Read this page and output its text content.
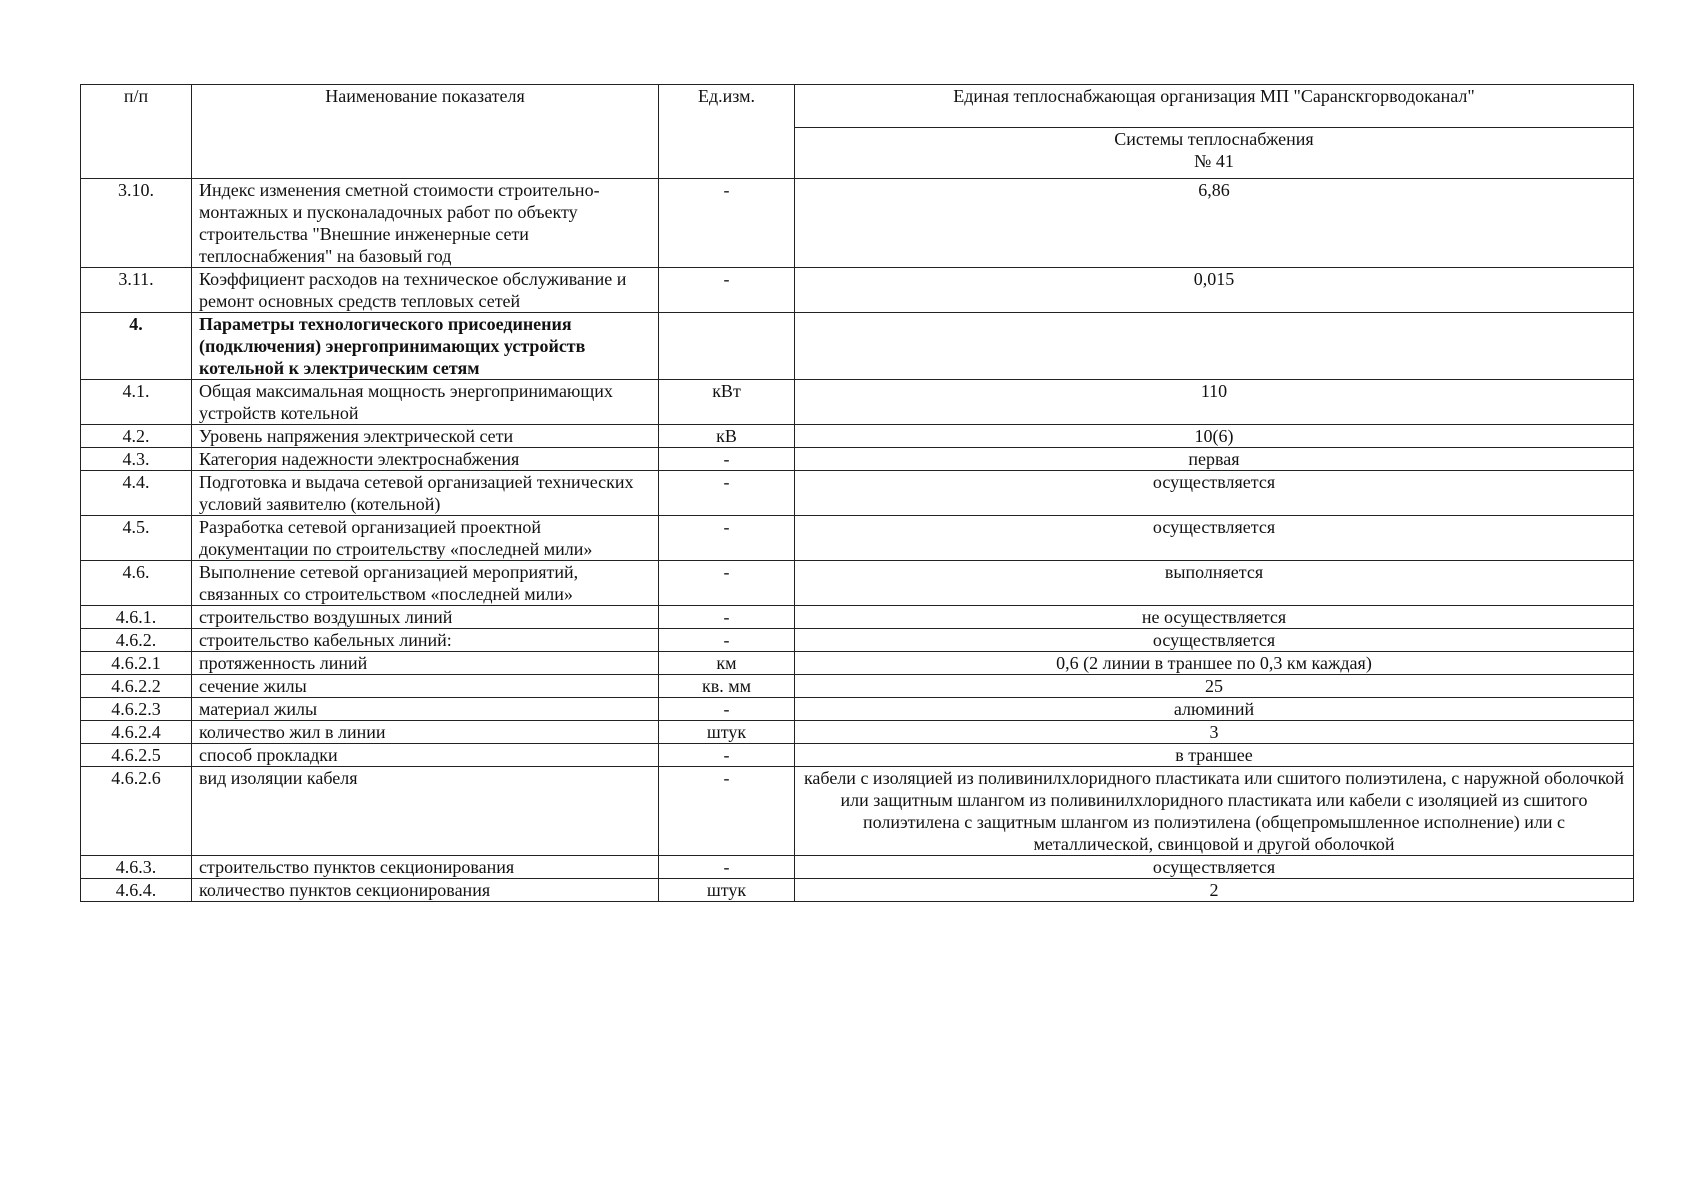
п/п	Наименование показателя	Ед.изм.	Единая теплоснабжающая организация МП "Саранскгорводоканал"

			Системы теплоснабжения
№ 41

3.10.	Индекс изменения сметной стоимости строительно-монтажных и пусконаладочных работ по объекту строительства "Внешние инженерные сети теплоснабжения" на базовый год	-	6,86
3.11.	Коэффициент расходов на техническое обслуживание и ремонт основных средств тепловых сетей	-	0,015
4.	Параметры технологического присоединения (подключения) энергопринимающих устройств котельной к электрическим сетям		
4.1.	Общая максимальная мощность энергопринимающих устройств котельной	кВт	110
4.2.	Уровень напряжения электрической сети	кВ	10(6)
4.3.	Категория надежности электроснабжения	-	первая
4.4.	Подготовка и выдача сетевой организацией технических условий заявителю (котельной)	-	осуществляется
4.5.	Разработка сетевой организацией проектной документации по строительству «последней мили»	-	осуществляется
4.6.	Выполнение сетевой организацией мероприятий, связанных со строительством «последней мили»	-	выполняется
4.6.1.	строительство воздушных линий	-	не осуществляется
4.6.2.	строительство кабельных линий:	-	осуществляется
4.6.2.1	протяженность линий	км	0,6 (2 линии в траншее по 0,3 км каждая)
4.6.2.2	сечение жилы	кв. мм	25
4.6.2.3	материал жилы	-	алюминий
4.6.2.4	количество жил в линии	штук	3
4.6.2.5	способ прокладки	-	в траншее
4.6.2.6	вид изоляции кабеля	-	кабели с изоляцией из поливинилхлоридного пластиката или сшитого полиэтилена, с наружной оболочкой или защитным шлангом из поливинилхлоридного пластиката или кабели с изоляцией из сшитого полиэтилена с защитным шлангом из полиэтилена (общепромышленное исполнение) или с металлической, свинцовой и другой оболочкой
4.6.3.	строительство пунктов секционирования	-	осуществляется
4.6.4.	количество пунктов секционирования	штук	2
